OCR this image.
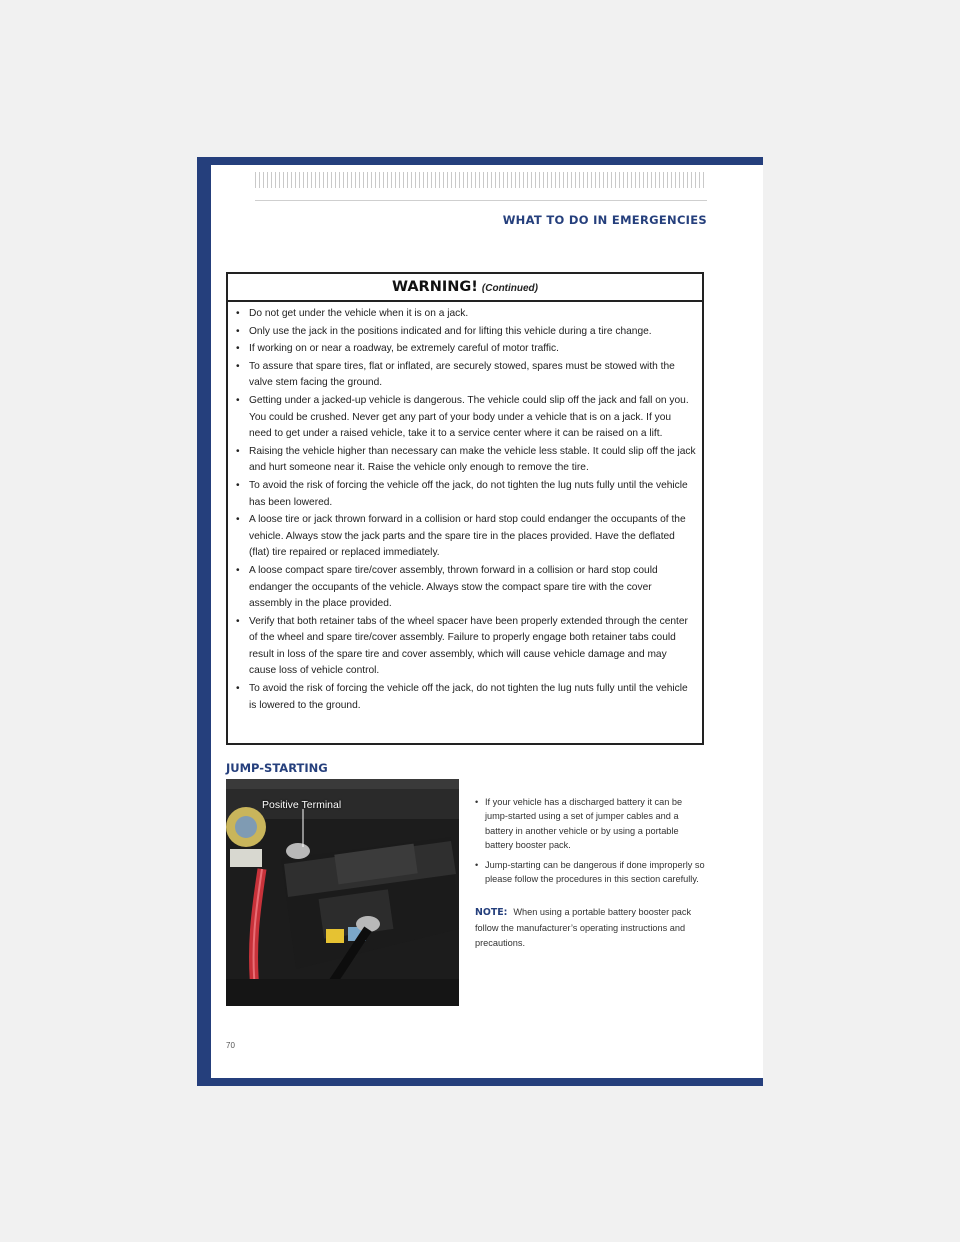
WHAT TO DO IN EMERGENCIES
WARNING! (Continued)
• Do not get under the vehicle when it is on a jack.
• Only use the jack in the positions indicated and for lifting this vehicle during a tire change.
• If working on or near a roadway, be extremely careful of motor traffic.
• To assure that spare tires, flat or inflated, are securely stowed, spares must be stowed with the valve stem facing the ground.
• Getting under a jacked-up vehicle is dangerous. The vehicle could slip off the jack and fall on you. You could be crushed. Never get any part of your body under a vehicle that is on a jack. If you need to get under a raised vehicle, take it to a service center where it can be raised on a lift.
• Raising the vehicle higher than necessary can make the vehicle less stable. It could slip off the jack and hurt someone near it. Raise the vehicle only enough to remove the tire.
• To avoid the risk of forcing the vehicle off the jack, do not tighten the lug nuts fully until the vehicle has been lowered.
• A loose tire or jack thrown forward in a collision or hard stop could endanger the occupants of the vehicle. Always stow the jack parts and the spare tire in the places provided. Have the deflated (flat) tire repaired or replaced immediately.
• A loose compact spare tire/cover assembly, thrown forward in a collision or hard stop could endanger the occupants of the vehicle. Always stow the compact spare tire with the cover assembly in the place provided.
• Verify that both retainer tabs of the wheel spacer have been properly extended through the center of the wheel and spare tire/cover assembly. Failure to properly engage both retainer tabs could result in loss of the spare tire and cover assembly, which will cause vehicle damage and may cause loss of vehicle control.
• To avoid the risk of forcing the vehicle off the jack, do not tighten the lug nuts fully until the vehicle is lowered to the ground.
JUMP-STARTING
Positive Terminal	• If your vehicle has a discharged battery it can be jump-started using a set of jumper cables and a battery in another vehicle or by using a portable battery booster pack.
• Jump-starting can be dangerous if done improperly so please follow the procedures in this section carefully.
NOTE: When using a portable battery booster pack follow the manufacturer’s operating instructions and precautions.
70
